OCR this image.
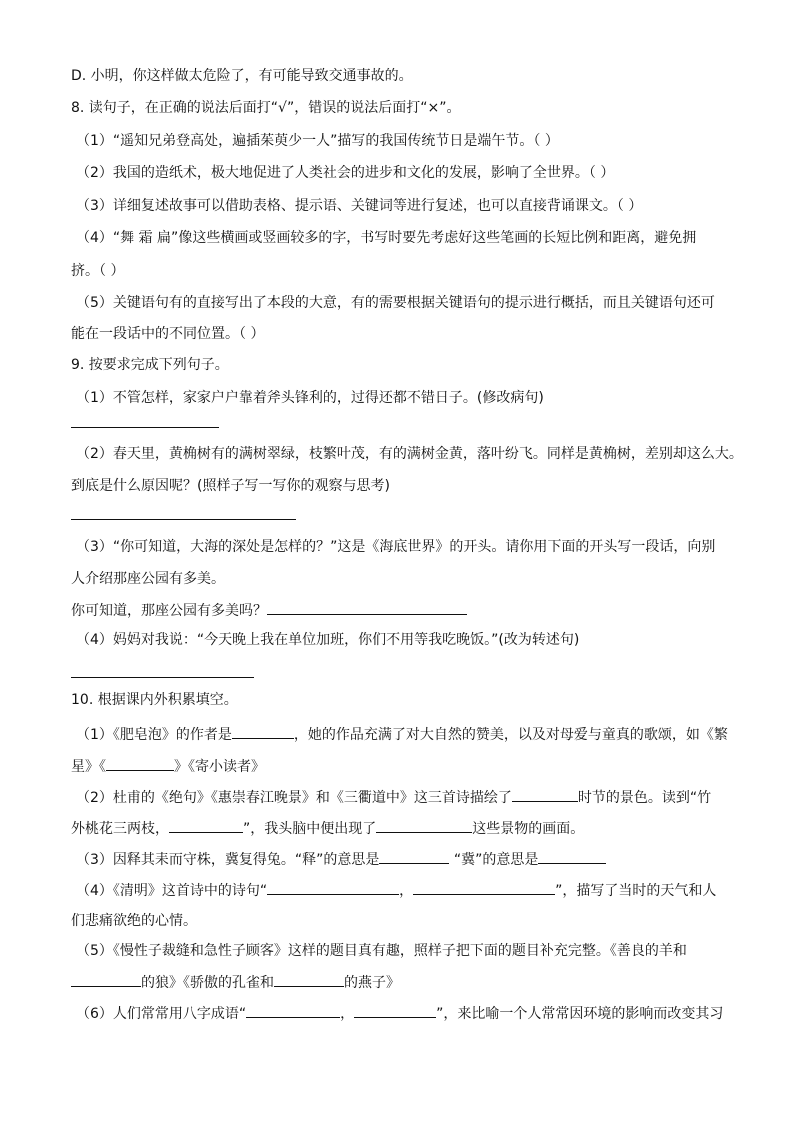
D. 小明，你这样做太危险了，有可能导致交通事故的。
8. 读句子，在正确的说法后面打“√”，错误的说法后面打“×”。
（1）“遥知兄弟登高处，遍插茱萸少一人”描写的我国传统节日是端午节。（ ）
（2）我国的造纸术，极大地促进了人类社会的进步和文化的发展，影响了全世界。（ ）
（3）详细复述故事可以借助表格、提示语、关键词等进行复述，也可以直接背诵课文。（ ）
（4）“舞 霜 扁”像这些横画或竖画较多的字，书写时要先考虑好这些笔画的长短比例和距离，避免拥
挤。（ ）
（5）关键语句有的直接写出了本段的大意，有的需要根据关键语句的提示进行概括，而且关键语句还可
能在一段话中的不同位置。（ ）
9. 按要求完成下列句子。
（1）不管怎样，家家户户靠着斧头锋利的，过得还都不错日子。(修改病句)
（2）春天里，黄桷树有的满树翠绿，枝繁叶茂，有的满树金黄，落叶纷飞。同样是黄桷树，差别却这么大。
到底是什么原因呢？(照样子写一写你的观察与思考)
（3）“你可知道，大海的深处是怎样的？”这是《海底世界》的开头。请你用下面的开头写一段话，向别
人介绍那座公园有多美。
你可知道，那座公园有多美吗？
（4）妈妈对我说：“今天晚上我在单位加班，你们不用等我吃晚饭。”(改为转述句)
10. 根据课内外积累填空。
（1）《肥皂泡》的作者是	，她的作品充满了对大自然的赞美，以及对母爱与童真的歌颂，如《繁
星》《	》《寄小读者》
（2）杜甫的《绝句》《惠崇春江晚景》和《三衢道中》这三首诗描绘了	时节的景色。读到“竹
外桃花三两枝，	”，我头脑中便出现了	这些景物的画面。
（3）因释其耒而守株，冀复得兔。“释”的意思是	“冀”的意思是
（4）《清明》这首诗中的诗句“	，	”，描写了当时的天气和人
们悲痛欲绝的心情。
（5）《慢性子裁缝和急性子顾客》这样的题目真有趣，照样子把下面的题目补充完整。《善良的羊和
的狼》《骄傲的孔雀和	的燕子》
（6）人们常常用八字成语“	，	”，来比喻一个人常常因环境的影响而改变其习
